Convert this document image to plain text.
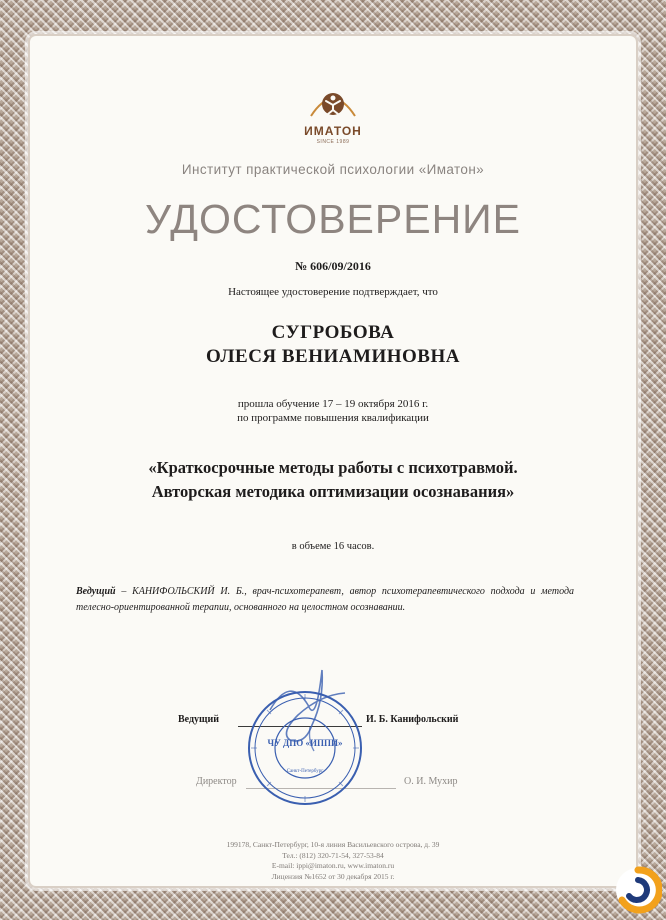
ИМАТОН
SINCE 1989
Институт практической психологии «Иматон»
УДОСТОВЕРЕНИЕ
№ 606/09/2016
Настоящее удостоверение подтверждает, что
СУГРОБОВА
ОЛЕСЯ ВЕНИАМИНОВНА
прошла обучение 17 – 19 октября 2016 г.
по программе повышения квалификации
«Краткосрочные методы работы с психотравмой.
Авторская методика оптимизации осознавания»
в объеме 16 часов.
Ведущий – КАНИФОЛЬСКИЙ И. Б., врач-психотерапевт, автор психотерапевтического подхода и метода телесно-ориентированной терапии, основанного на целостном осознавании.
Ведущий	И. Б. Канифольский
Директор	О. И. Мухир
ЧУ ДПО «ИППИ»
Санкт-Петербург
199178, Санкт-Петербург, 10-я линия Васильевского острова, д. 39
Тел.: (812) 320-71-54, 327-53-84
E-mail: ippi@imaton.ru, www.imaton.ru
Лицензия №1652 от 30 декабря 2015 г.
